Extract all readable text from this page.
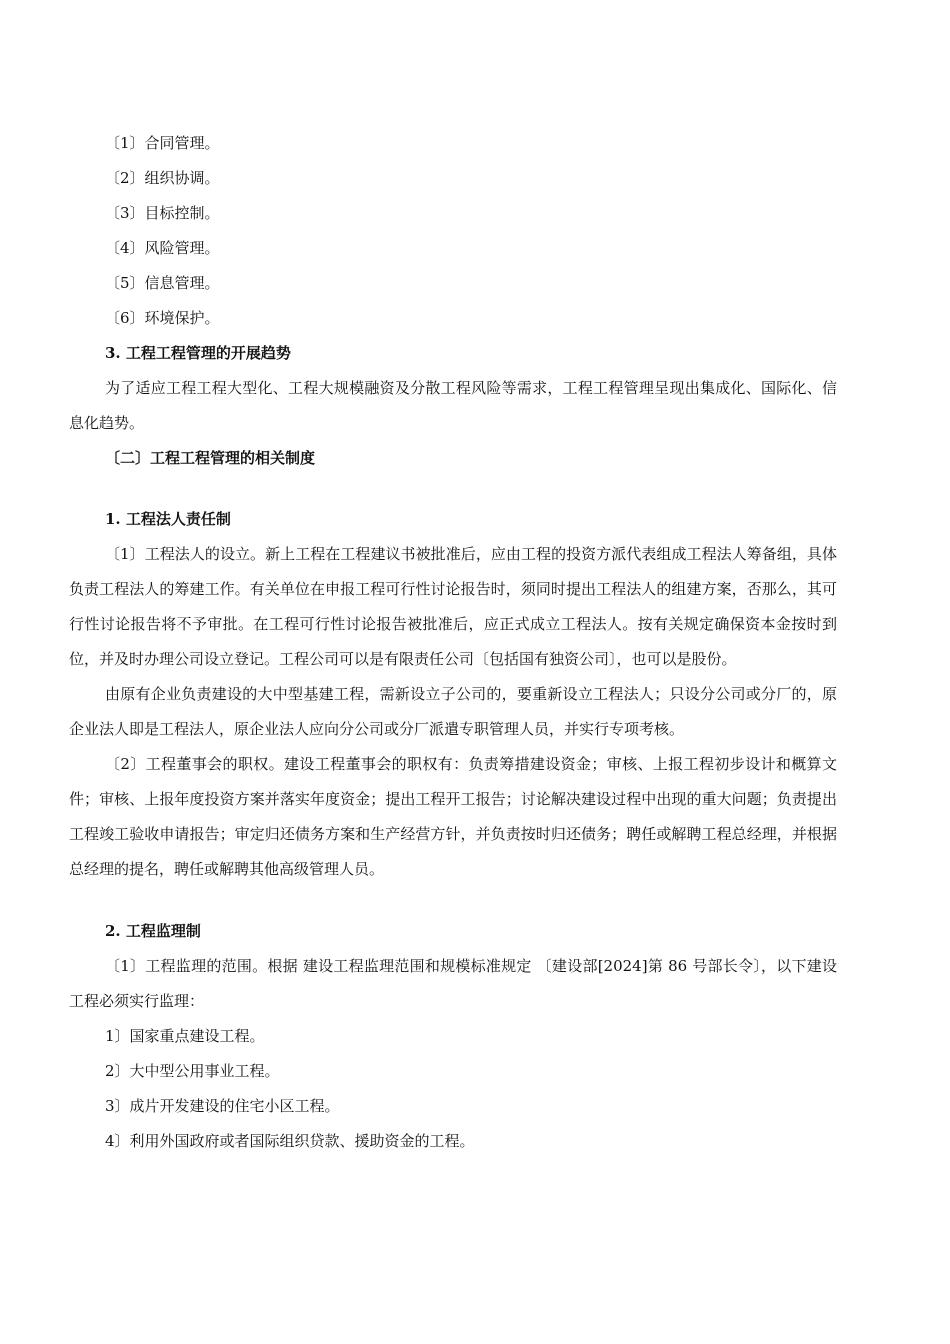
〔1〕合同管理。
〔2〕组织协调。
〔3〕目标控制。
〔4〕风险管理。
〔5〕信息管理。
〔6〕环境保护。
3. 工程工程管理的开展趋势
为了适应工程工程大型化、工程大规模融资及分散工程风险等需求，工程工程管理呈现出集成化、国际化、信息化趋势。
〔二〕工程工程管理的相关制度
1. 工程法人责任制
〔1〕工程法人的设立。新上工程在工程建议书被批准后，应由工程的投资方派代表组成工程法人筹备组，具体负责工程法人的筹建工作。有关单位在申报工程可行性讨论报告时，须同时提出工程法人的组建方案，否那么，其可行性讨论报告将不予审批。在工程可行性讨论报告被批准后，应正式成立工程法人。按有关规定确保资本金按时到位，并及时办理公司设立登记。工程公司可以是有限责任公司〔包括国有独资公司〕，也可以是股份。
由原有企业负责建设的大中型基建工程，需新设立子公司的，要重新设立工程法人；只设分公司或分厂的，原企业法人即是工程法人，原企业法人应向分公司或分厂派遣专职管理人员，并实行专项考核。
〔2〕工程董事会的职权。建设工程董事会的职权有：负责筹措建设资金；审核、上报工程初步设计和概算文件；审核、上报年度投资方案并落实年度资金；提出工程开工报告；讨论解决建设过程中出现的重大问题；负责提出工程竣工验收申请报告；审定归还债务方案和生产经营方针，并负责按时归还债务；聘任或解聘工程总经理，并根据总经理的提名，聘任或解聘其他高级管理人员。
2. 工程监理制
〔1〕工程监理的范围。根据 建设工程监理范围和规模标准规定 〔建设部[2024]第 86 号部长令〕，以下建设工程必须实行监理：
1〕国家重点建设工程。
2〕大中型公用事业工程。
3〕成片开发建设的住宅小区工程。
4〕利用外国政府或者国际组织贷款、援助资金的工程。
